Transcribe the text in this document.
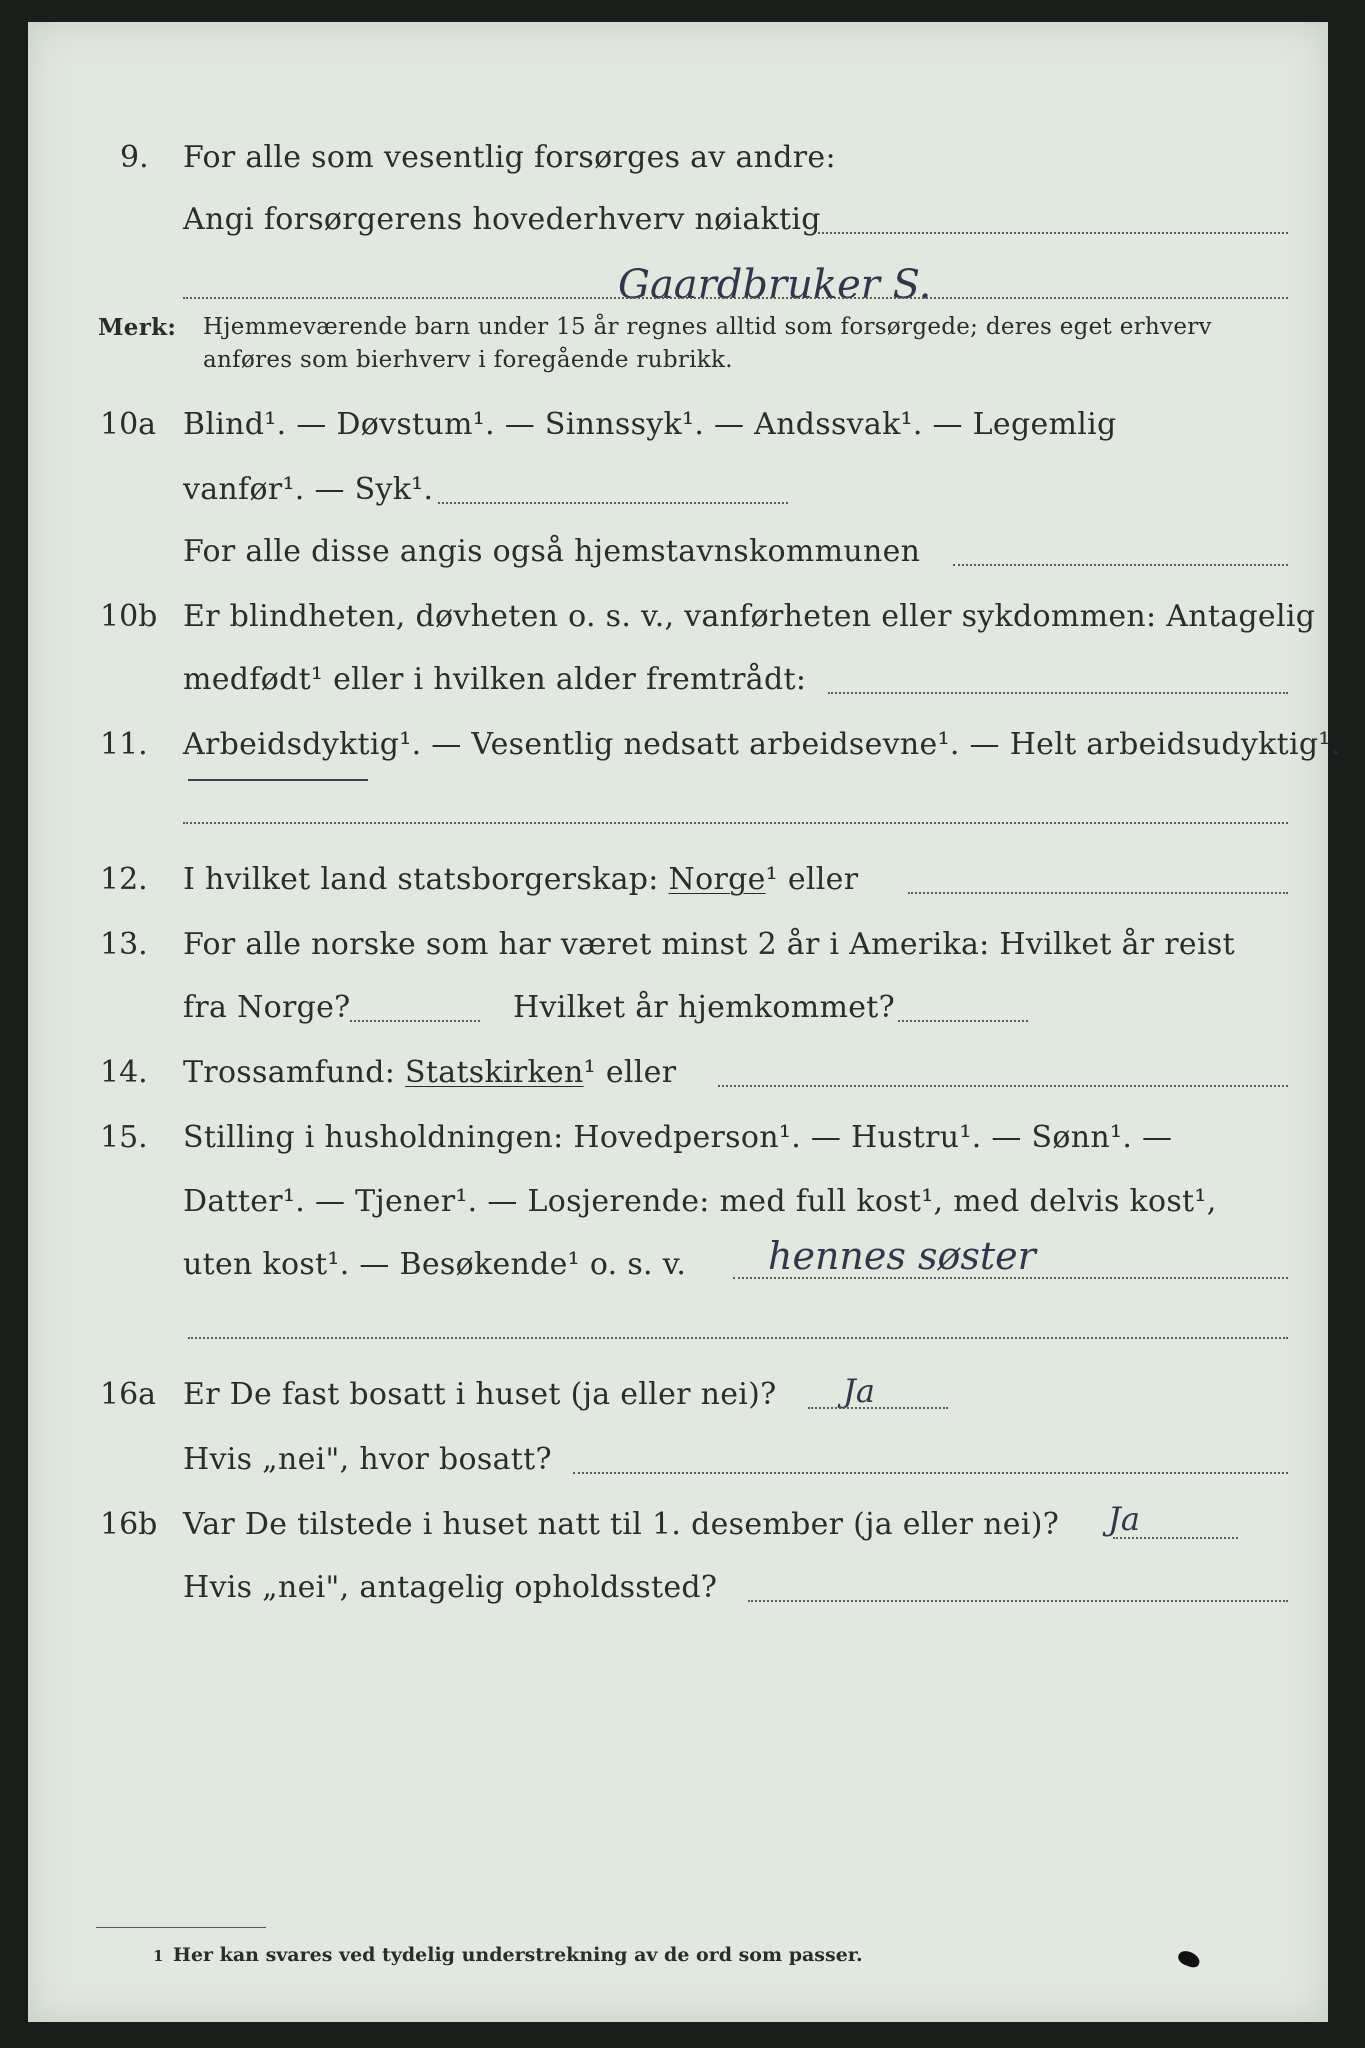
9. For alle som vesentlig forsørges av andre:
Angi forsørgerens hovederhverv nøiaktig
Gaardbruker S.
Merk: Hjemmeværende barn under 15 år regnes alltid som forsørgede; deres eget erhverv
anføres som bierhverv i foregående rubrikk.
10a Blind¹. — Døvstum¹. — Sinnssyk¹. — Andssvak¹. — Legemlig
vanfør¹. — Syk¹.
For alle disse angis også hjemstavnskommunen
10b Er blindheten, døvheten o. s. v., vanførheten eller sykdommen: Antagelig
medfødt¹ eller i hvilken alder fremtrådt:
11. Arbeidsdyktig¹. — Vesentlig nedsatt arbeidsevne¹. — Helt arbeidsudyktig¹.
12. I hvilket land statsborgerskap: Norge¹ eller
13. For alle norske som har været minst 2 år i Amerika: Hvilket år reist
fra Norge?	Hvilket år hjemkommet?
14. Trossamfund: Statskirken¹ eller
15. Stilling i husholdningen: Hovedperson¹. — Hustru¹. — Sønn¹. —
Datter¹. — Tjener¹. — Losjerende: med full kost¹, med delvis kost¹,
uten kost¹. — Besøkende¹ o. s. v. hennes søster
16a Er De fast bosatt i huset (ja eller nei)? Ja
Hvis „nei", hvor bosatt?
16b Var De tilstede i huset natt til 1. desember (ja eller nei)? Ja
Hvis „nei", antagelig opholdssted?
1 Her kan svares ved tydelig understrekning av de ord som passer.
